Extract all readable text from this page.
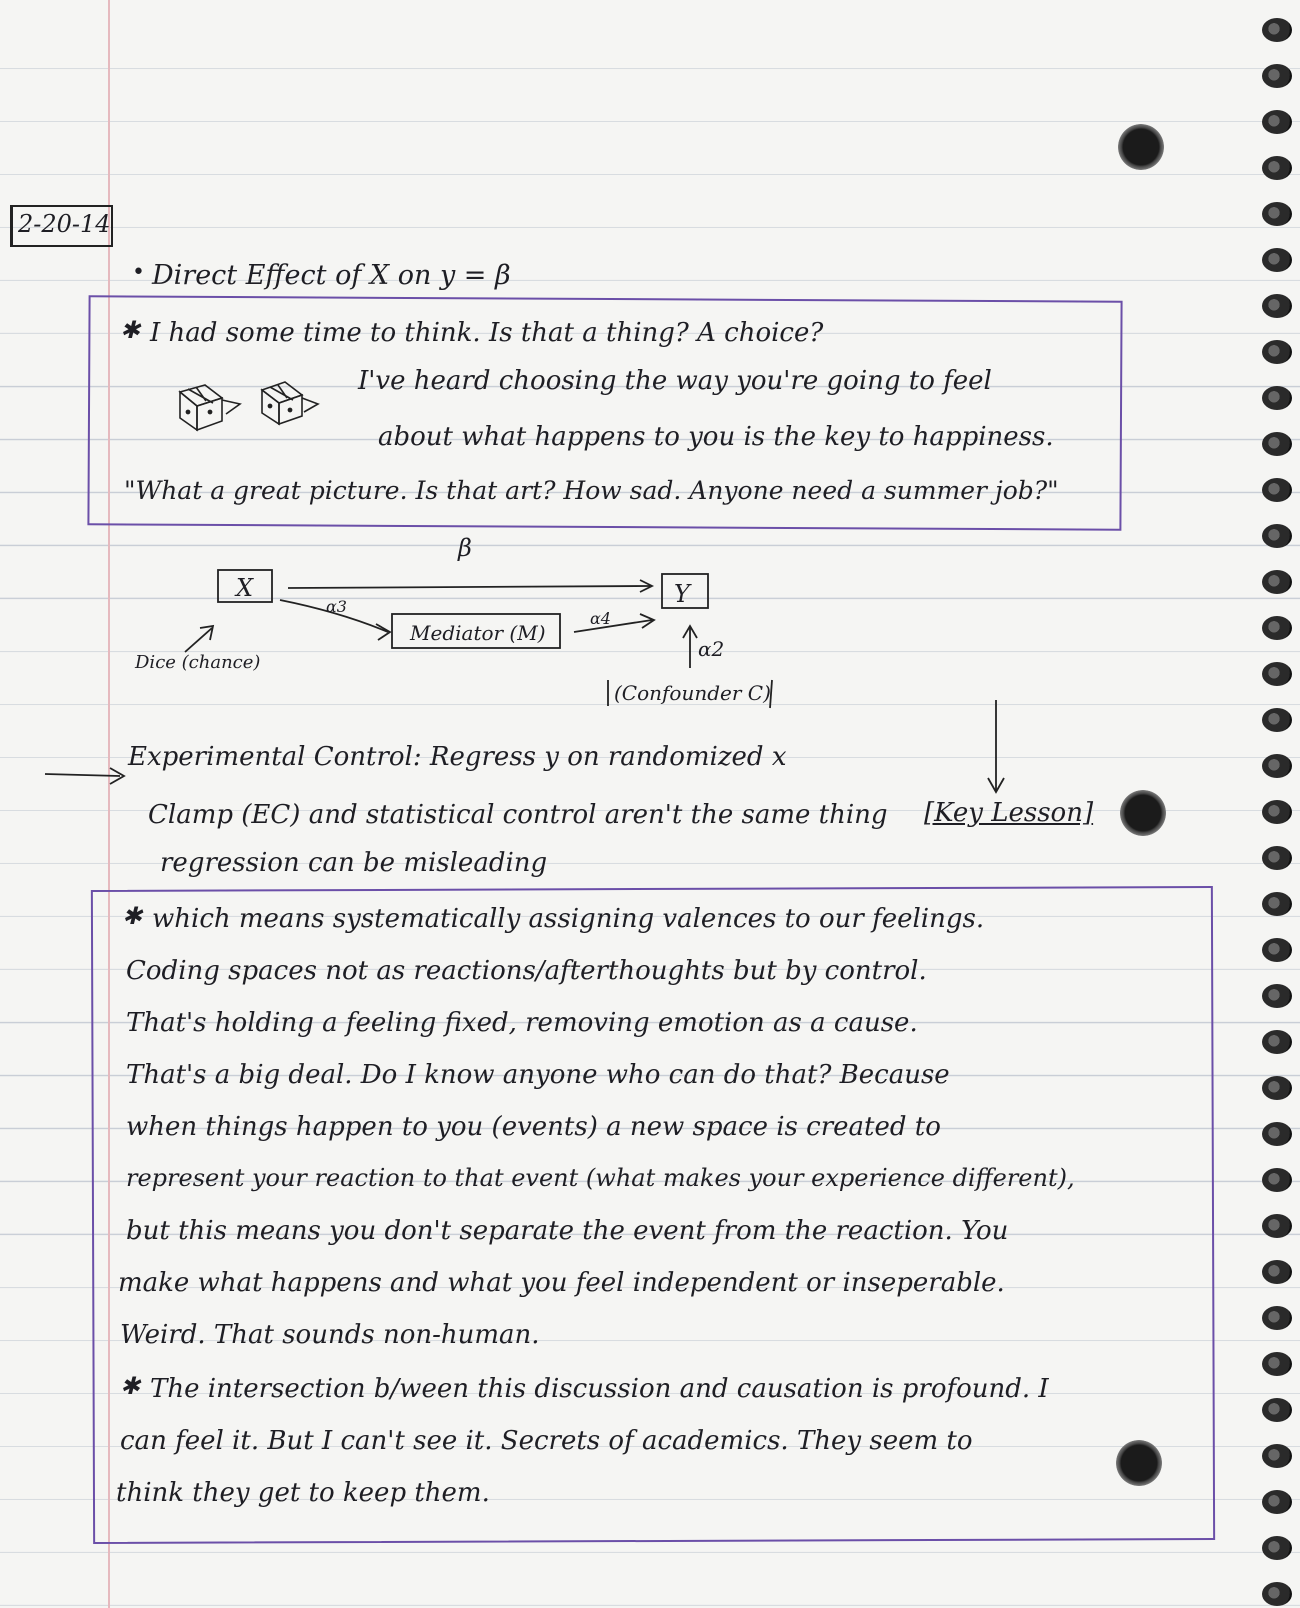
2-20-14
• Direct Effect of X on y = β
✱ I had some time to think. Is that a thing? A choice?
β
X	Y
Mediator (M)
(Confounder C)
Dice (chance)
α3
α4
α2
I've heard choosing the way you're going to feel
about what happens to you is the key to happiness.
"What a great picture. Is that art? How sad. Anyone need a summer job?"
Experimental Control: Regress y on randomized x
Clamp (EC) and statistical control aren't the same thing [Key Lesson]
regression can be misleading
✱ which means systematically assigning valences to our feelings.
Coding spaces not as reactions/afterthoughts but by control.
That's holding a feeling fixed, removing emotion as a cause.
That's a big deal. Do I know anyone who can do that? Because
when things happen to you (events) a new space is created to
represent your reaction to that event (what makes your experience different),
but this means you don't separate the event from the reaction. You
make what happens and what you feel independent or inseperable.
Weird. That sounds non-human.
✱ The intersection b/ween this discussion and causation is profound. I
can feel it. But I can't see it. Secrets of academics. They seem to
think they get to keep them.
